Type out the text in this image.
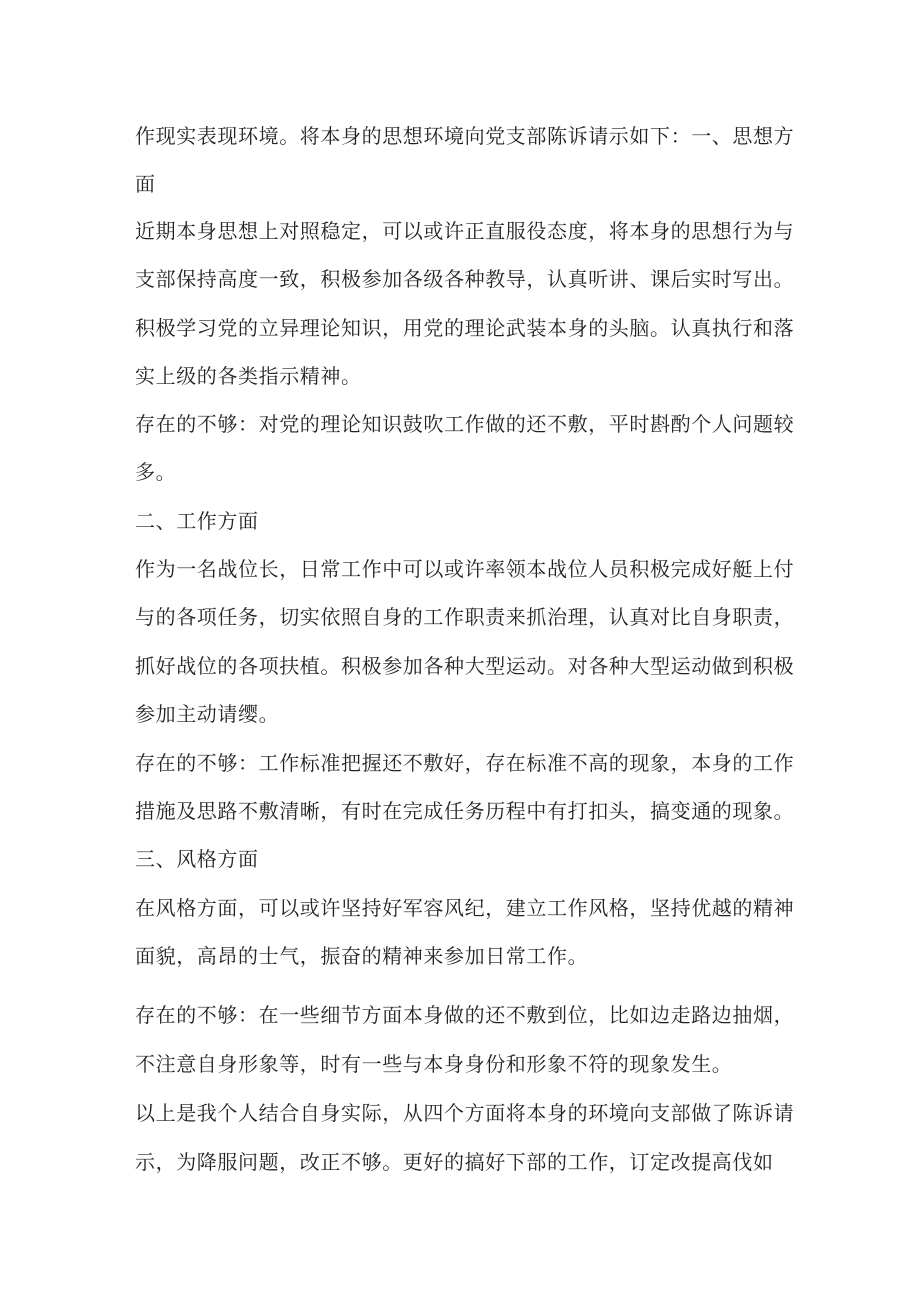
作现实表现环境。将本身的思想环境向党支部陈诉请示如下：一、思想方
面
近期本身思想上对照稳定，可以或许正直服役态度，将本身的思想行为与
支部保持高度一致，积极参加各级各种教导，认真听讲、课后实时写出。
积极学习党的立异理论知识，用党的理论武装本身的头脑。认真执行和落
实上级的各类指示精神。
存在的不够：对党的理论知识鼓吹工作做的还不敷，平时斟酌个人问题较
多。
二、工作方面
作为一名战位长，日常工作中可以或许率领本战位人员积极完成好艇上付
与的各项任务，切实依照自身的工作职责来抓治理，认真对比自身职责，
抓好战位的各项扶植。积极参加各种大型运动。对各种大型运动做到积极
参加主动请缨。
存在的不够：工作标准把握还不敷好，存在标准不高的现象，本身的工作
措施及思路不敷清晰，有时在完成任务历程中有打扣头，搞变通的现象。
三、风格方面
在风格方面，可以或许坚持好军容风纪，建立工作风格，坚持优越的精神
面貌，高昂的士气，振奋的精神来参加日常工作。
存在的不够：在一些细节方面本身做的还不敷到位，比如边走路边抽烟，
不注意自身形象等，时有一些与本身身份和形象不符的现象发生。
以上是我个人结合自身实际，从四个方面将本身的环境向支部做了陈诉请
示，为降服问题，改正不够。更好的搞好下部的工作，订定改提高伐如
